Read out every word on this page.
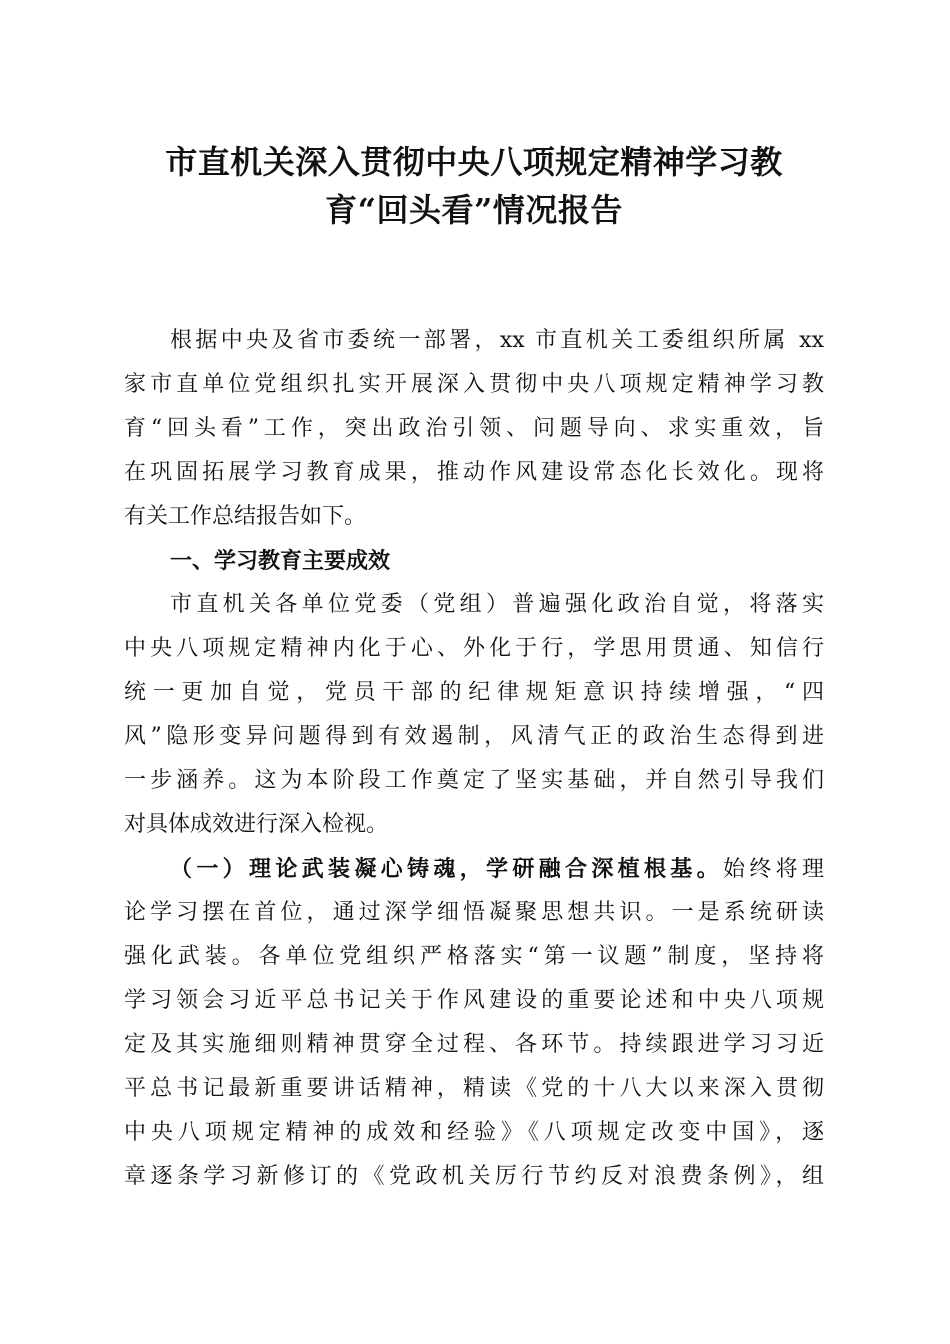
市直机关深入贯彻中央八项规定精神学习教
育“回头看”情况报告
根据中央及省市委统一部署，xx 市直机关工委组织所属 xx
家市直单位党组织扎实开展深入贯彻中央八项规定精神学习教
育“回头看”工作，突出政治引领、问题导向、求实重效，旨
在巩固拓展学习教育成果，推动作风建设常态化长效化。现将
有关工作总结报告如下。
一、学习教育主要成效
市直机关各单位党委（党组）普遍强化政治自觉，将落实
中央八项规定精神内化于心、外化于行，学思用贯通、知信行
统一更加自觉，党员干部的纪律规矩意识持续增强，“四
风”隐形变异问题得到有效遏制，风清气正的政治生态得到进
一步涵养。这为本阶段工作奠定了坚实基础，并自然引导我们
对具体成效进行深入检视。
（一）理论武装凝心铸魂，学研融合深植根基。始终将理
论学习摆在首位，通过深学细悟凝聚思想共识。一是系统研读
强化武装。各单位党组织严格落实“第一议题”制度，坚持将
学习领会习近平总书记关于作风建设的重要论述和中央八项规
定及其实施细则精神贯穿全过程、各环节。持续跟进学习习近
平总书记最新重要讲话精神，精读《党的十八大以来深入贯彻
中央八项规定精神的成效和经验》《八项规定改变中国》，逐
章逐条学习新修订的《党政机关厉行节约反对浪费条例》，组
